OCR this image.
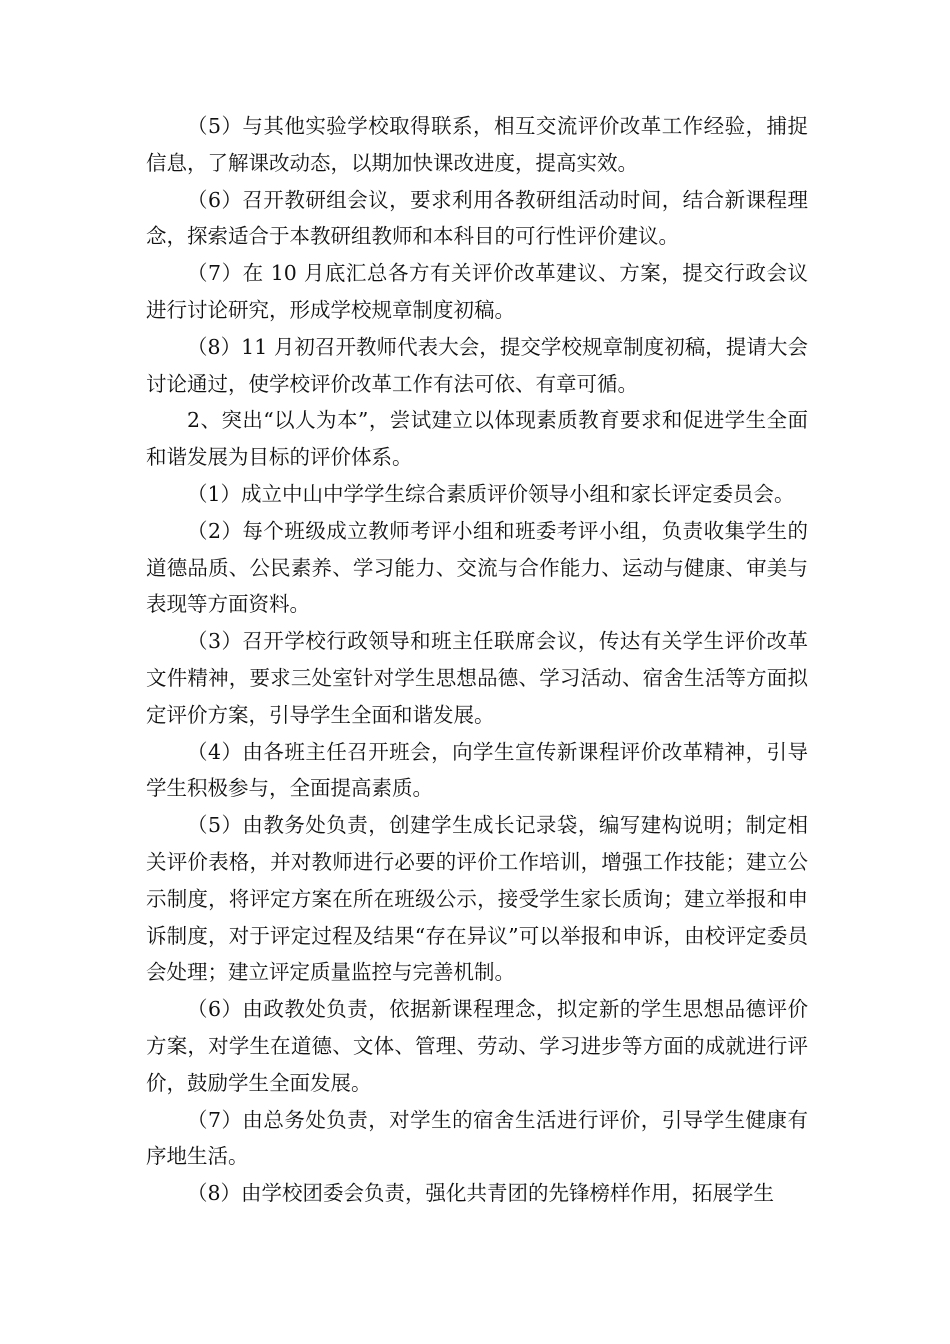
（5）与其他实验学校取得联系，相互交流评价改革工作经验，捕捉信息，了解课改动态，以期加快课改进度，提高实效。

（6）召开教研组会议，要求利用各教研组活动时间，结合新课程理念，探索适合于本教研组教师和本科目的可行性评价建议。

（7）在 10 月底汇总各方有关评价改革建议、方案，提交行政会议进行讨论研究，形成学校规章制度初稿。

（8）11 月初召开教师代表大会，提交学校规章制度初稿，提请大会讨论通过，使学校评价改革工作有法可依、有章可循。

2、突出“以人为本”，尝试建立以体现素质教育要求和促进学生全面和谐发展为目标的评价体系。

（1）成立中山中学学生综合素质评价领导小组和家长评定委员会。

（2）每个班级成立教师考评小组和班委考评小组，负责收集学生的道德品质、公民素养、学习能力、交流与合作能力、运动与健康、审美与表现等方面资料。

（3）召开学校行政领导和班主任联席会议，传达有关学生评价改革文件精神，要求三处室针对学生思想品德、学习活动、宿舍生活等方面拟定评价方案，引导学生全面和谐发展。

（4）由各班主任召开班会，向学生宣传新课程评价改革精神，引导学生积极参与，全面提高素质。

（5）由教务处负责，创建学生成长记录袋，编写建构说明；制定相关评价表格，并对教师进行必要的评价工作培训，增强工作技能；建立公示制度，将评定方案在所在班级公示，接受学生家长质询；建立举报和申诉制度，对于评定过程及结果“存在异议”可以举报和申诉，由校评定委员会处理；建立评定质量监控与完善机制。

（6）由政教处负责，依据新课程理念，拟定新的学生思想品德评价方案，对学生在道德、文体、管理、劳动、学习进步等方面的成就进行评价，鼓励学生全面发展。

（7）由总务处负责，对学生的宿舍生活进行评价，引导学生健康有序地生活。

（8）由学校团委会负责，强化共青团的先锋榜样作用，拓展学生
